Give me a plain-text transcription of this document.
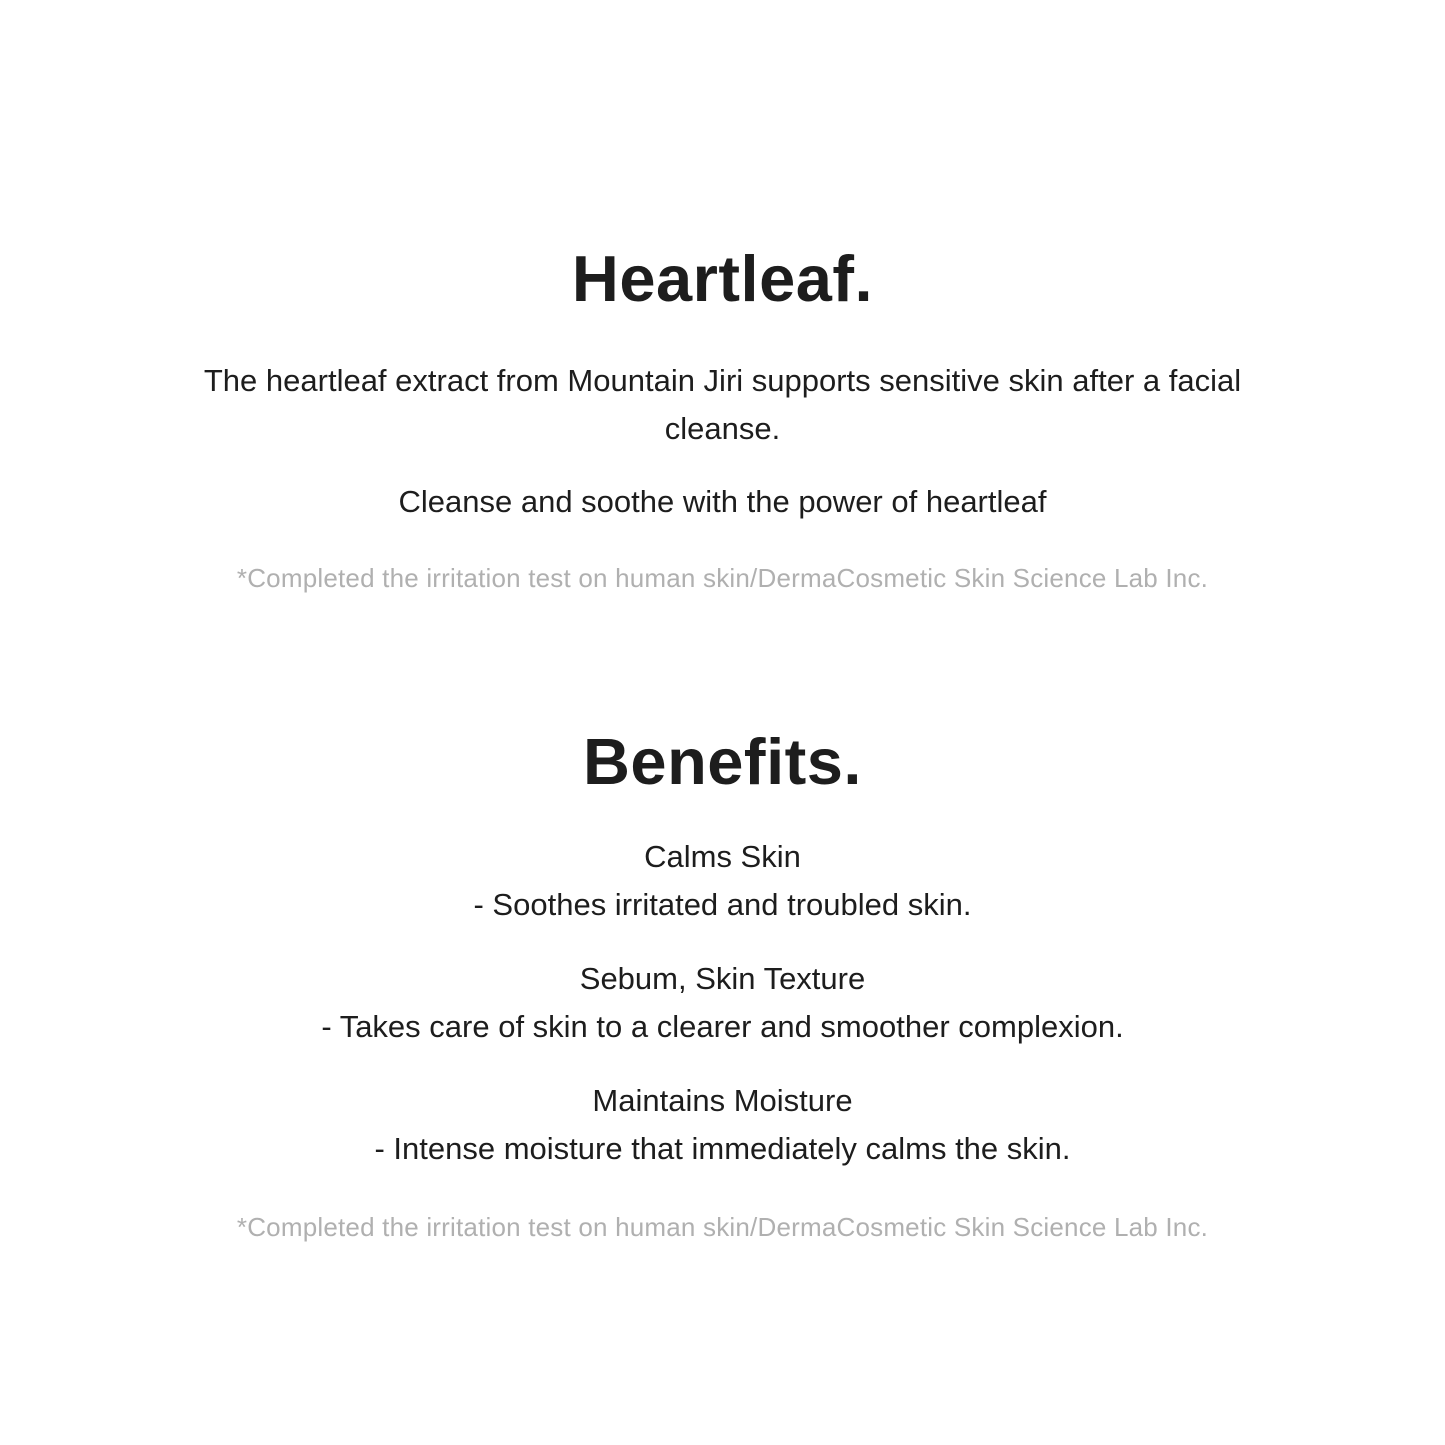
Heartleaf.

The heartleaf extract from Mountain Jiri supports sensitive skin after a facial cleanse.

Cleanse and soothe with the power of heartleaf

*Completed the irritation test on human skin/DermaCosmetic Skin Science Lab Inc.

Benefits.

Calms Skin

- Soothes irritated and troubled skin.

Sebum, Skin Texture

- Takes care of skin to a clearer and smoother complexion.

Maintains Moisture

- Intense moisture that immediately calms the skin.

*Completed the irritation test on human skin/DermaCosmetic Skin Science Lab Inc.
